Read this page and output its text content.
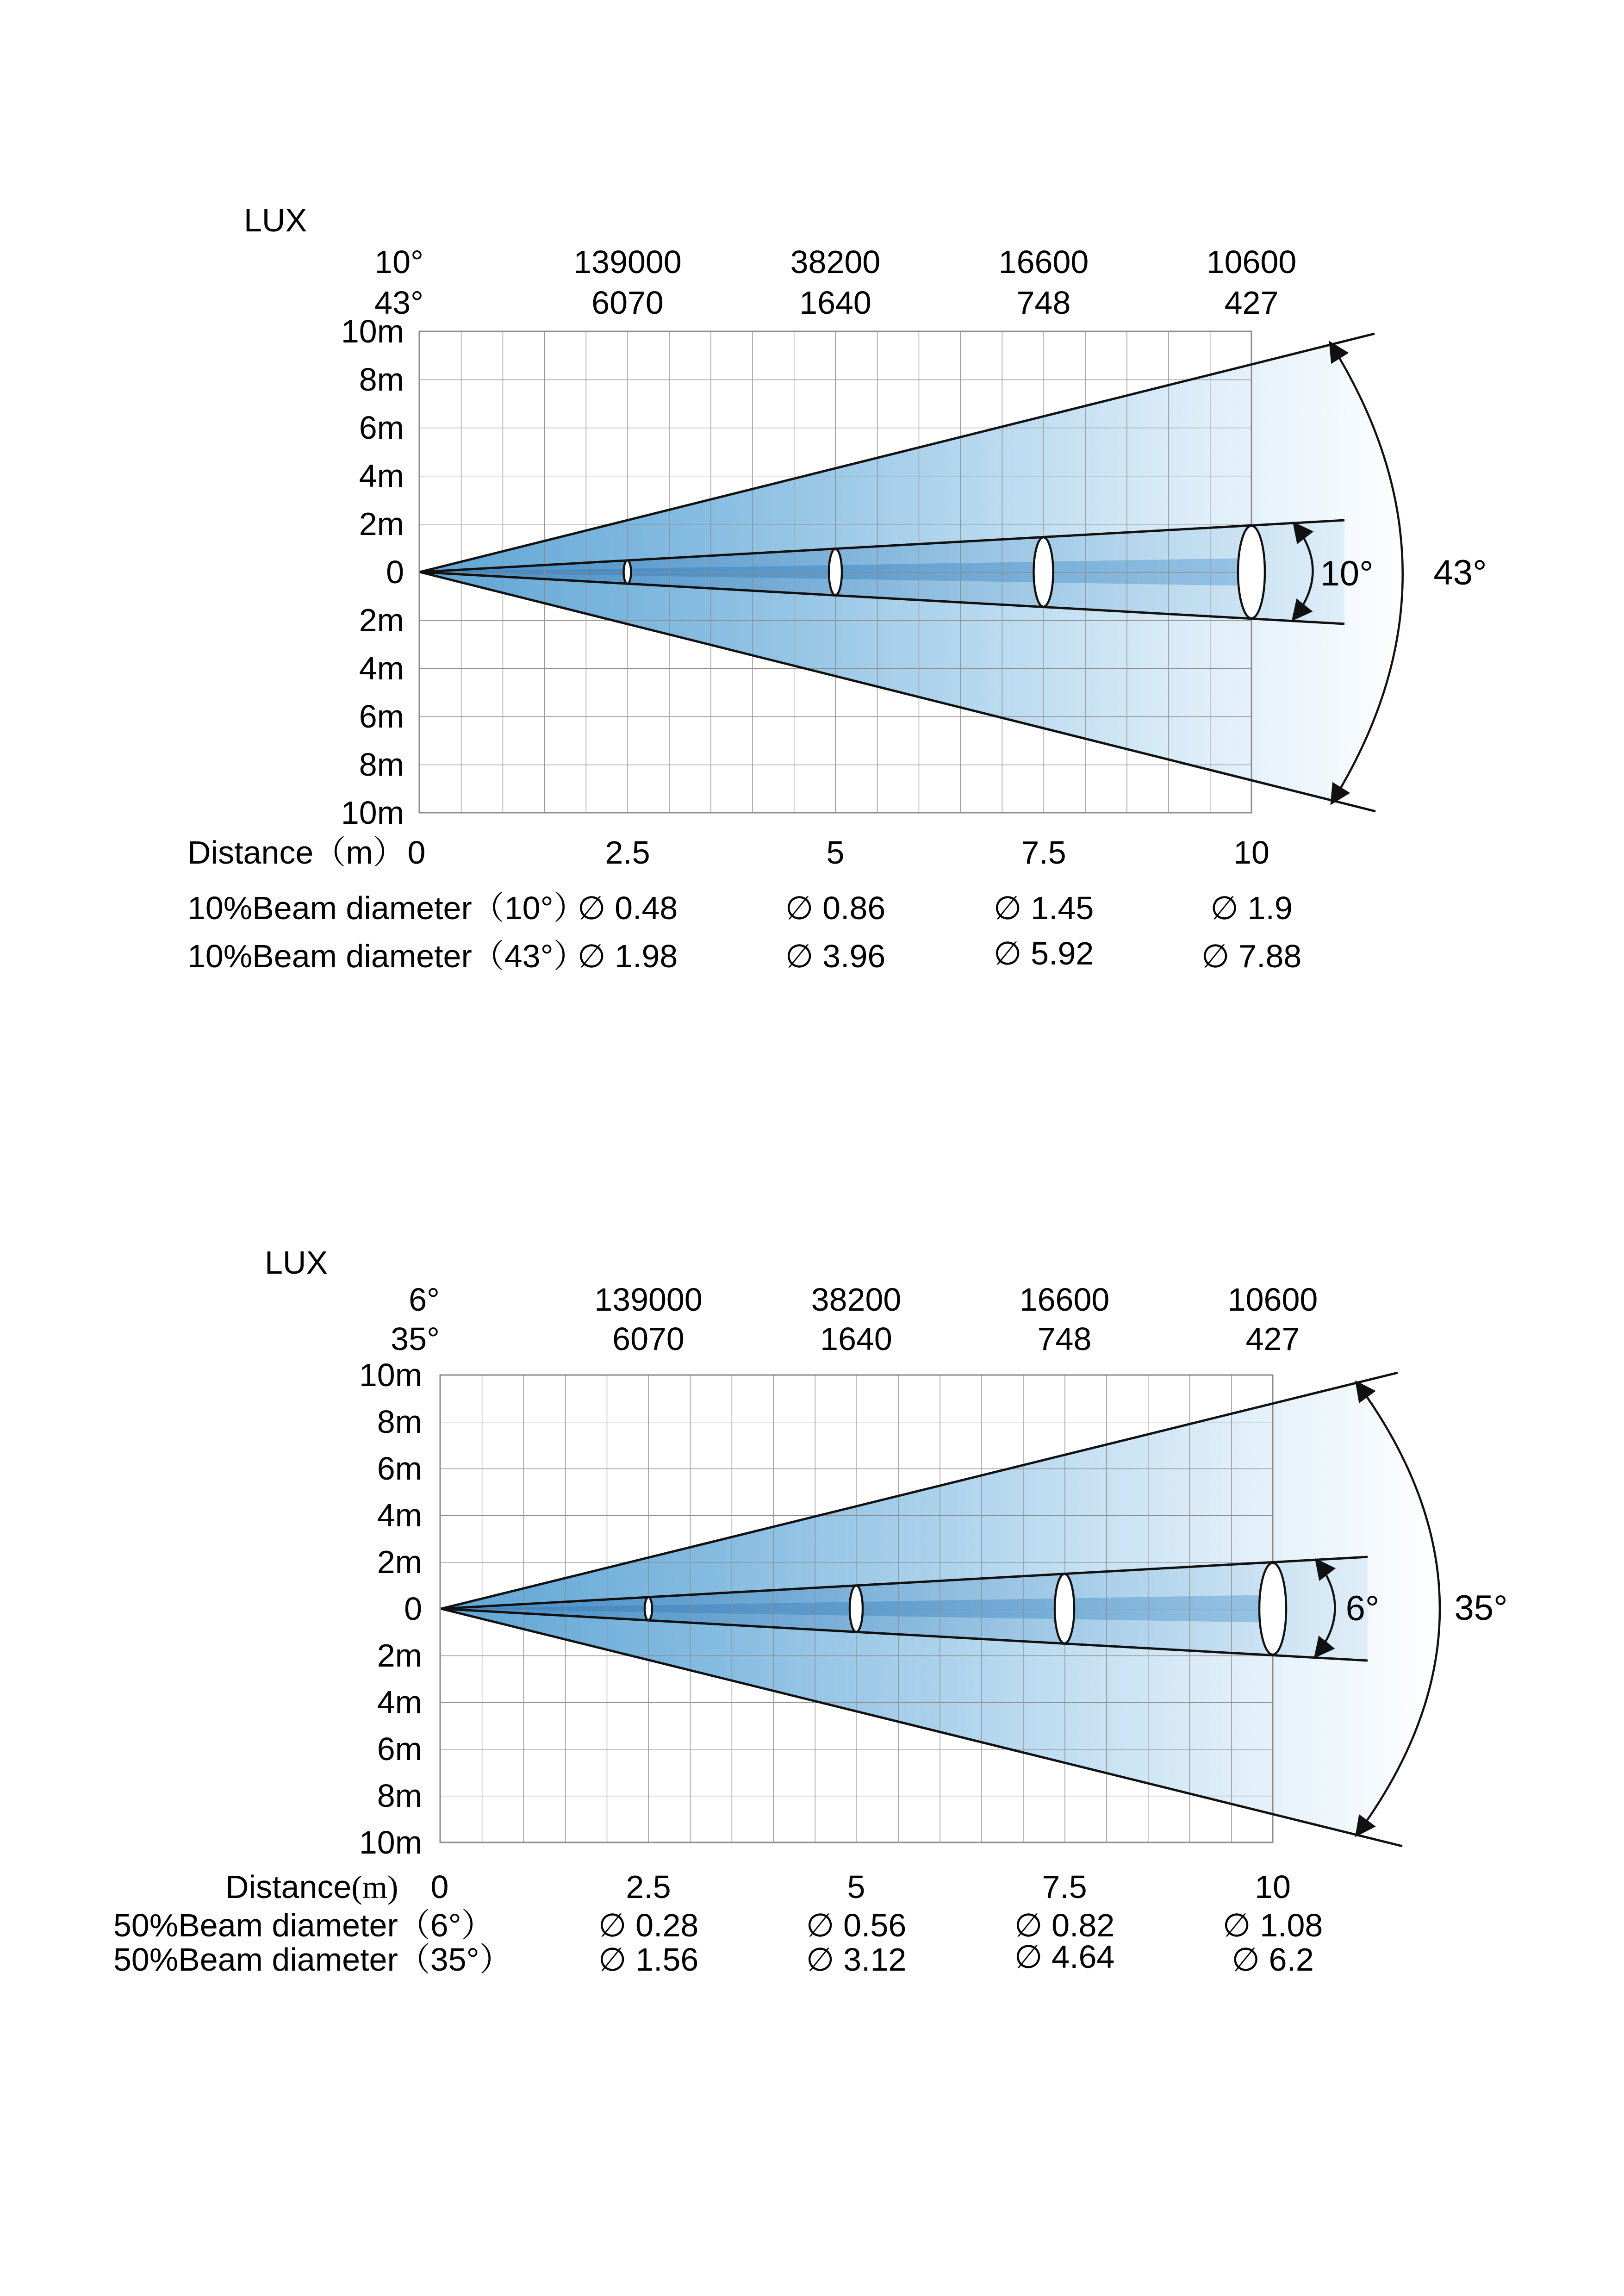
LUX
10°	139000	38200	16600	10600
43°	6070	1640	748	427
10m
8m
6m
4m
2m
0
2m
4m
6m
8m
10m
10° 43°
Distance（m） 0	2.5	5	7.5	10
10%Beam diameter（10°）
∅ 0.48	∅ 0.86	∅ 1.45	∅ 1.9
10%Beam diameter（43°）
∅ 1.98	∅ 3.96	∅ 5.92	∅ 7.88
LUX
6°	139000	38200	16600	10600
35°	6070	1640	748	427
10m
8m
6m
4m
2m
0
2m
4m
6m
8m
10m
6° 35°
Distance(m) 0	2.5	5	7.5	10
50%Beam diameter（6°）	∅ 0.28	∅ 0.56	∅ 0.82	∅ 1.08
50%Beam diameter（35°）	∅ 1.56	∅ 3.12	∅ 4.64	∅ 6.2
